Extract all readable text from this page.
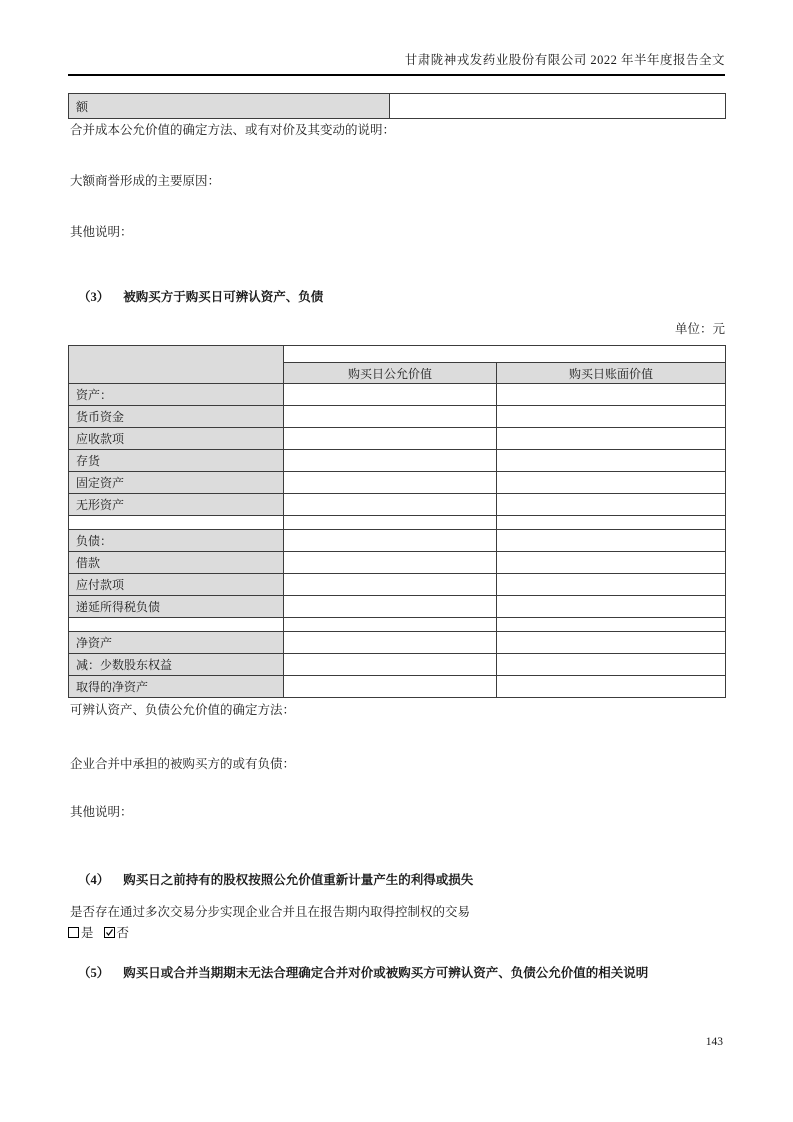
甘肃陇神戎发药业股份有限公司 2022 年半年度报告全文
额	
合并成本公允价值的确定方法、或有对价及其变动的说明：
大额商誉形成的主要原因：
其他说明：
（3） 被购买方于购买日可辨认资产、负债
单位：元

	购买日公允价值	购买日账面价值
资产：		
货币资金		
应收款项		
存货		
固定资产		
无形资产		

负债：		
借款		
应付款项		
递延所得税负债		

净资产		
减：少数股东权益		
取得的净资产		
可辨认资产、负债公允价值的确定方法：
企业合并中承担的被购买方的或有负债：
其他说明：
（4） 购买日之前持有的股权按照公允价值重新计量产生的利得或损失
是否存在通过多次交易分步实现企业合并且在报告期内取得控制权的交易
是 否
（5） 购买日或合并当期期末无法合理确定合并对价或被购买方可辨认资产、负债公允价值的相关说明
143
